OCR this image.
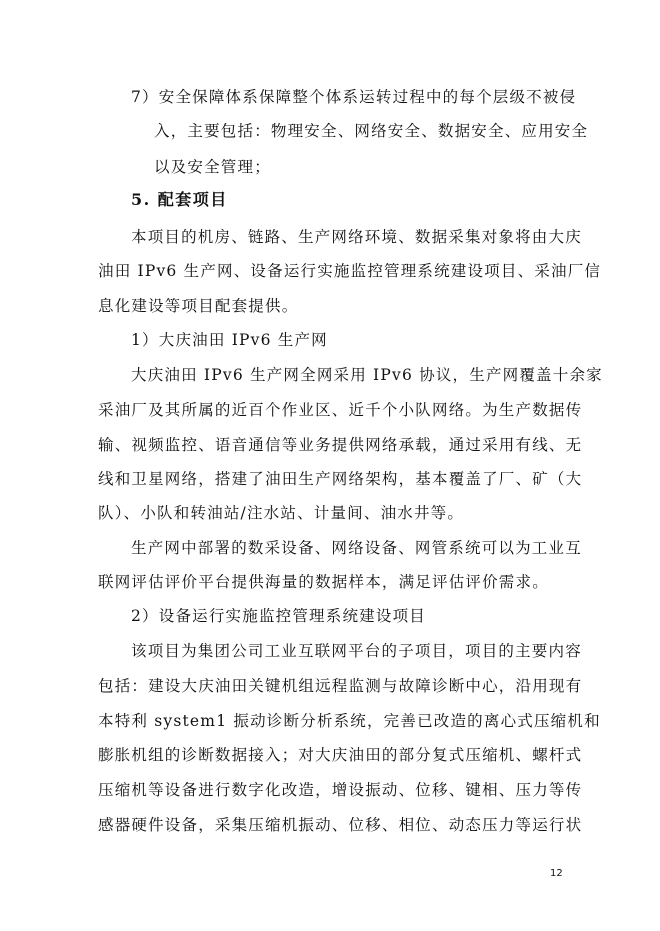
7）安全保障体系保障整个体系运转过程中的每个层级不被侵
入，主要包括：物理安全、网络安全、数据安全、应用安全
以及安全管理；
5. 配套项目
本项目的机房、链路、生产网络环境、数据采集对象将由大庆
油田 IPv6 生产网、设备运行实施监控管理系统建设项目、采油厂信
息化建设等项目配套提供。
1）大庆油田 IPv6 生产网
大庆油田 IPv6 生产网全网采用 IPv6 协议，生产网覆盖十余家
采油厂及其所属的近百个作业区、近千个小队网络。为生产数据传
输、视频监控、语音通信等业务提供网络承载，通过采用有线、无
线和卫星网络，搭建了油田生产网络架构，基本覆盖了厂、矿（大
队）、小队和转油站/注水站、计量间、油水井等。
生产网中部署的数采设备、网络设备、网管系统可以为工业互
联网评估评价平台提供海量的数据样本，满足评估评价需求。
2）设备运行实施监控管理系统建设项目
该项目为集团公司工业互联网平台的子项目，项目的主要内容
包括：建设大庆油田关键机组远程监测与故障诊断中心，沿用现有
本特利 system1 振动诊断分析系统，完善已改造的离心式压缩机和
膨胀机组的诊断数据接入；对大庆油田的部分复式压缩机、螺杆式
压缩机等设备进行数字化改造，增设振动、位移、键相、压力等传
感器硬件设备，采集压缩机振动、位移、相位、动态压力等运行状
12
